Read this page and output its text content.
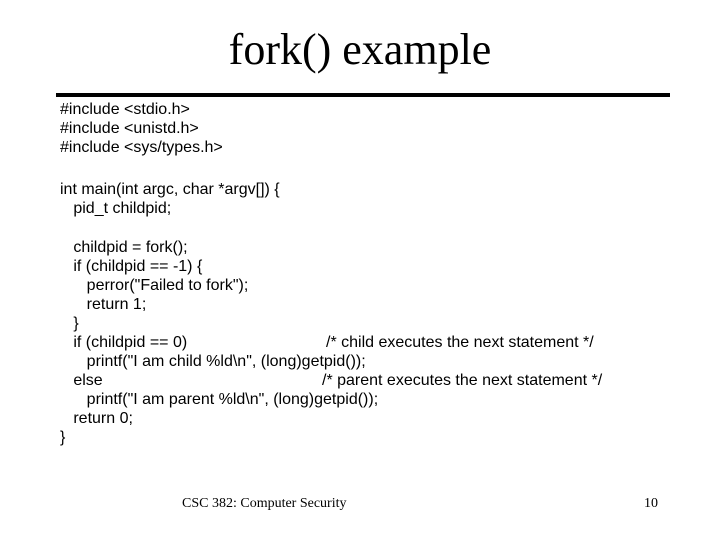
fork() example
#include <stdio.h>
#include <unistd.h>
#include <sys/types.h>
int main(int argc, char *argv[]) {
pid_t childpid;
childpid = fork();
if (childpid == -1) {
perror("Failed to fork");
return 1;
}
if (childpid == 0)	/* child executes the next statement */
printf("I am child %ld\n", (long)getpid());
else	/* parent executes the next statement */
printf("I am parent %ld\n", (long)getpid());
return 0;
}
CSC 382: Computer Security	10
